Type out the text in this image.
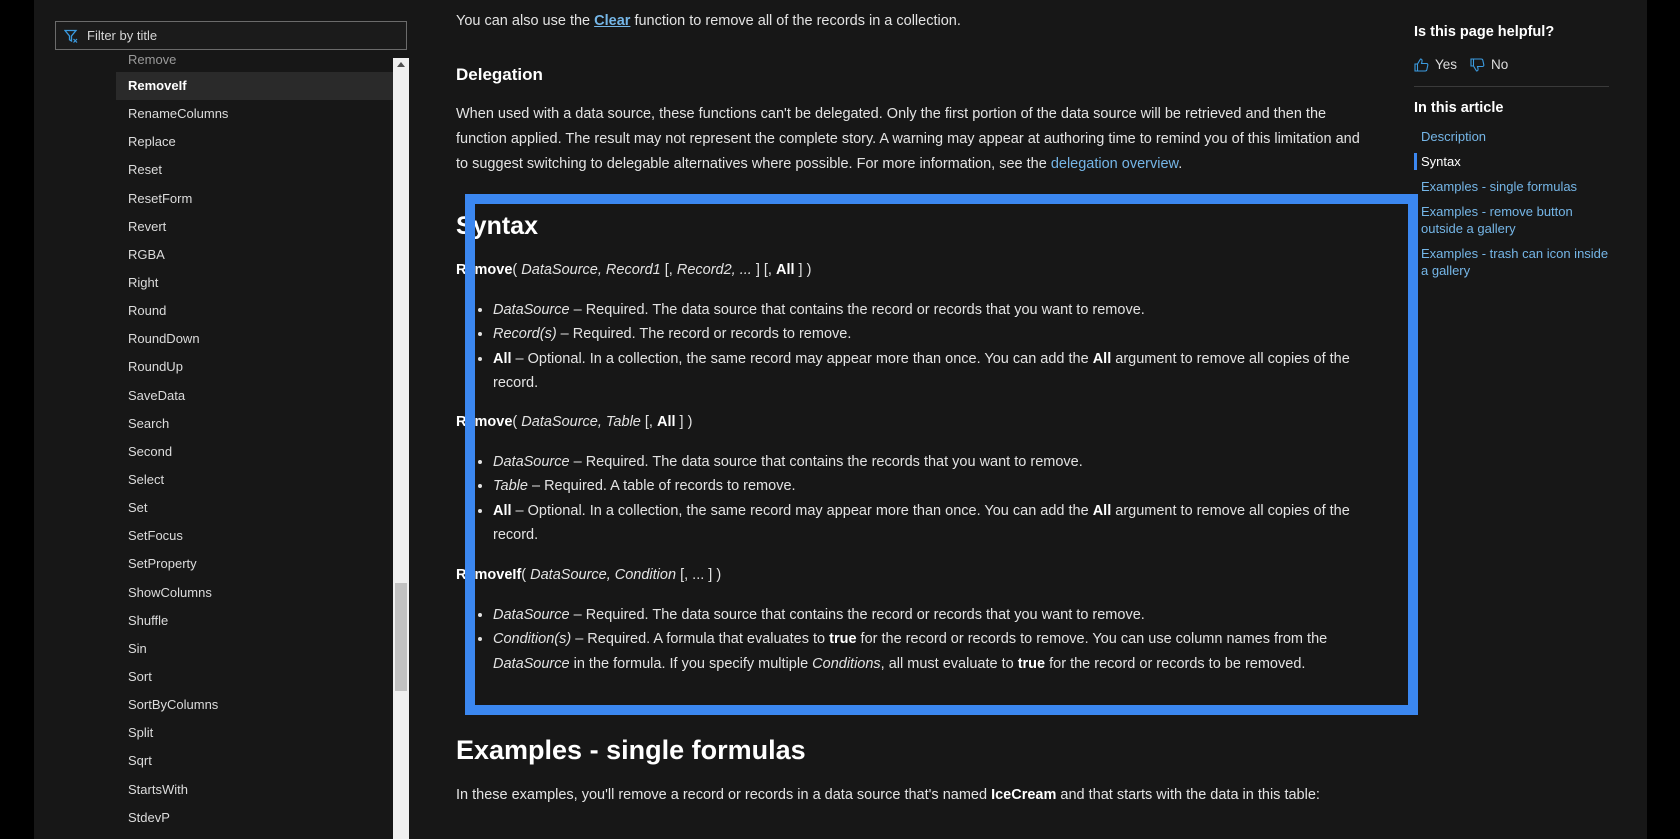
Filter by title
Remove
RemoveIf
RenameColumns
Replace
Reset
ResetForm
Revert
RGBA
Right
Round
RoundDown
RoundUp
SaveData
Search
Second
Select
Set
SetFocus
SetProperty
ShowColumns
Shuffle
Sin
Sort
SortByColumns
Split
Sqrt
StartsWith
StdevP

You can also use the Clear function to remove all of the records in a collection.

Delegation

When used with a data source, these functions can't be delegated. Only the first portion of the data source will be retrieved and then the function applied. The result may not represent the complete story. A warning may appear at authoring time to remind you of this limitation and to suggest switching to delegable alternatives where possible. For more information, see the delegation overview.

Syntax
Remove( DataSource, Record1 [, Record2, ... ] [, All ] )
• DataSource – Required. The data source that contains the record or records that you want to remove.
• Record(s) – Required. The record or records to remove.
• All – Optional. In a collection, the same record may appear more than once. You can add the All argument to remove all copies of the record.
Remove( DataSource, Table [, All ] )
• DataSource – Required. The data source that contains the records that you want to remove.
• Table – Required. A table of records to remove.
• All – Optional. In a collection, the same record may appear more than once. You can add the All argument to remove all copies of the record.
RemoveIf( DataSource, Condition [, ... ] )
• DataSource – Required. The data source that contains the record or records that you want to remove.
• Condition(s) – Required. A formula that evaluates to true for the record or records to remove. You can use column names from the DataSource in the formula. If you specify multiple Conditions, all must evaluate to true for the record or records to be removed.
Examples - single formulas

In these examples, you'll remove a record or records in a data source that's named IceCream and that starts with the data in this table:

Is this page helpful?
Yes	No
In this article
Description
Syntax
Examples - single formulas
Examples - remove button outside a gallery
Examples - trash can icon inside a gallery
